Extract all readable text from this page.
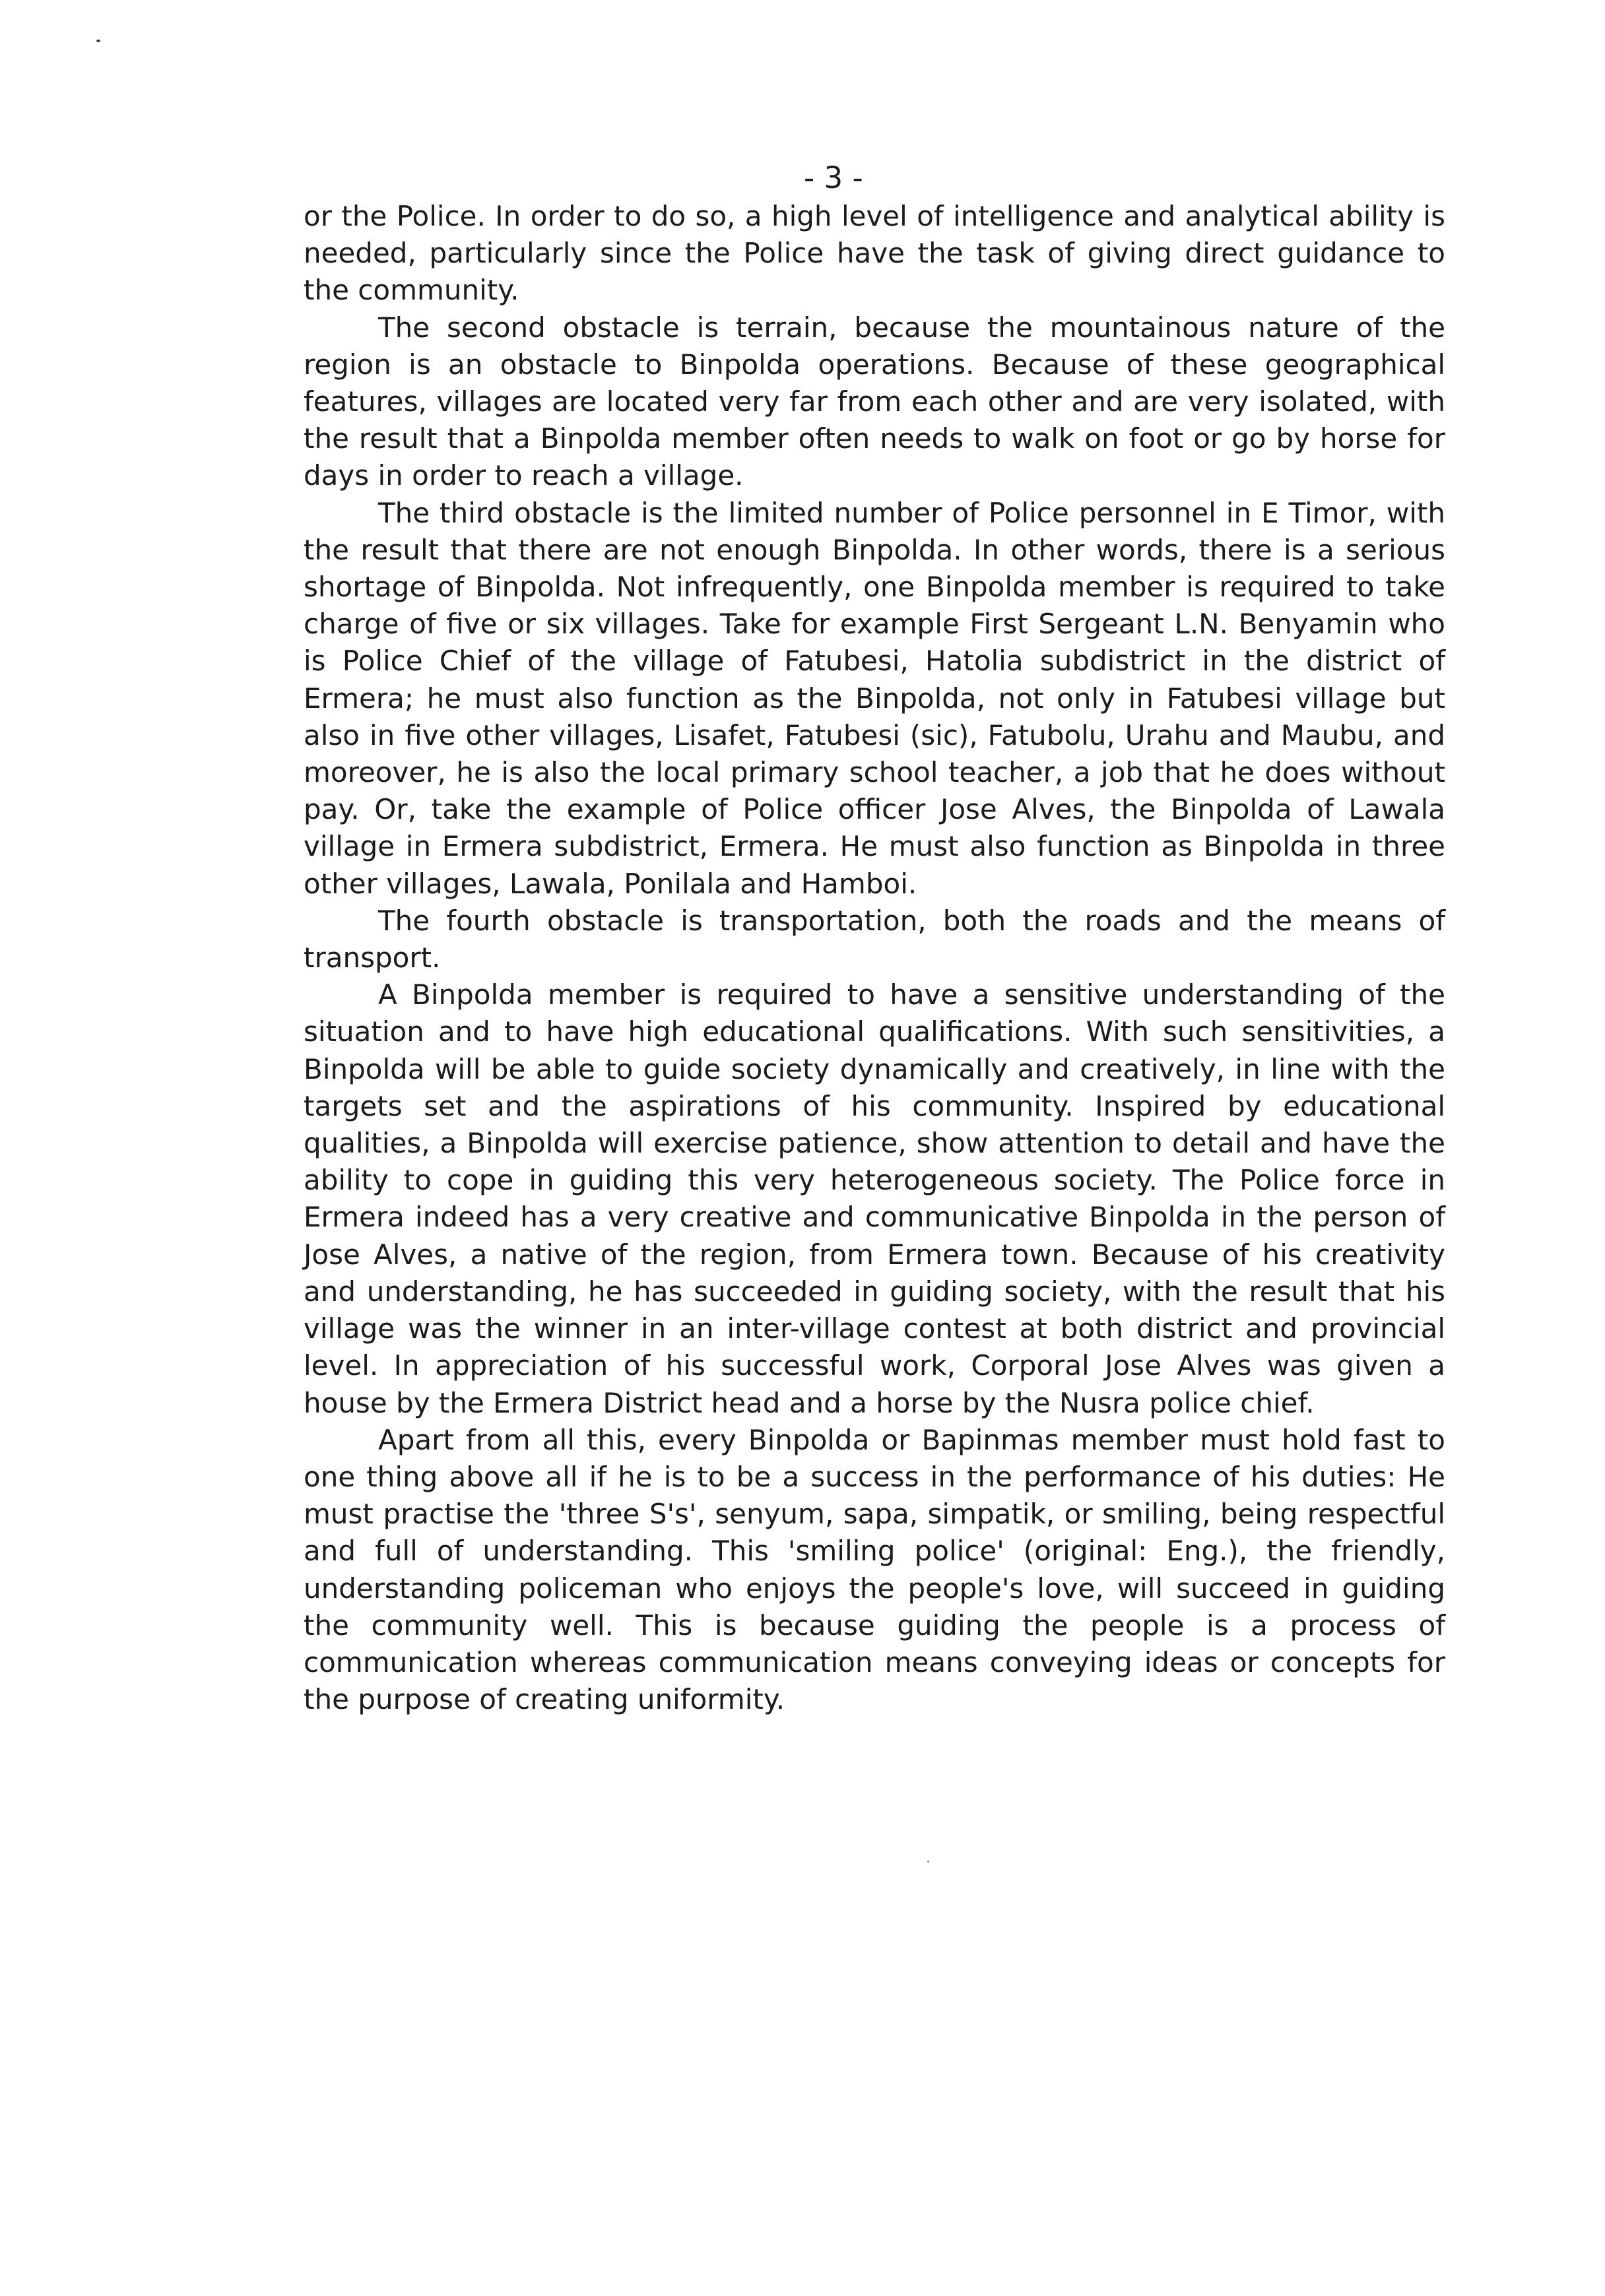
- 3 -

or the Police. In order to do so, a high level of intelligence and analytical ability is needed, particularly since the Police have the task of giving direct guidance to the community.

The second obstacle is terrain, because the mountainous nature of the region is an obstacle to Binpolda operations. Because of these geographical features, villages are located very far from each other and are very isolated, with the result that a Binpolda member often needs to walk on foot or go by horse for days in order to reach a village.

The third obstacle is the limited number of Police personnel in E Timor, with the result that there are not enough Binpolda. In other words, there is a serious shortage of Binpolda. Not infrequently, one Binpolda member is required to take charge of five or six villages. Take for example First Sergeant L.N. Benyamin who is Police Chief of the village of Fatubesi, Hatolia subdistrict in the district of Ermera; he must also function as the Binpolda, not only in Fatubesi village but also in five other villages, Lisafet, Fatubesi (sic), Fatubolu, Urahu and Maubu, and moreover, he is also the local primary school teacher, a job that he does without pay. Or, take the example of Police officer Jose Alves, the Binpolda of Lawala village in Ermera subdistrict, Ermera. He must also function as Binpolda in three other villages, Lawala, Ponilala and Hamboi.

The fourth obstacle is transportation, both the roads and the means of transport.

A Binpolda member is required to have a sensitive understanding of the situation and to have high educational qualifications. With such sensitivities, a Binpolda will be able to guide society dynamically and creatively, in line with the targets set and the aspirations of his community. Inspired by educational qualities, a Binpolda will exercise patience, show attention to detail and have the ability to cope in guiding this very heterogeneous society. The Police force in Ermera indeed has a very creative and communicative Binpolda in the person of Jose Alves, a native of the region, from Ermera town. Because of his creativity and understanding, he has succeeded in guiding society, with the result that his village was the winner in an inter-village contest at both district and provincial level. In appreciation of his successful work, Corporal Jose Alves was given a house by the Ermera District head and a horse by the Nusra police chief.

Apart from all this, every Binpolda or Bapinmas member must hold fast to one thing above all if he is to be a success in the performance of his duties: He must practise the 'three S's', senyum, sapa, simpatik, or smiling, being respectful and full of understanding. This 'smiling police' (original: Eng.), the friendly, understanding policeman who enjoys the people's love, will succeed in guiding the community well. This is because guiding the people is a process of communication whereas communication means conveying ideas or concepts for the purpose of creating uniformity.
